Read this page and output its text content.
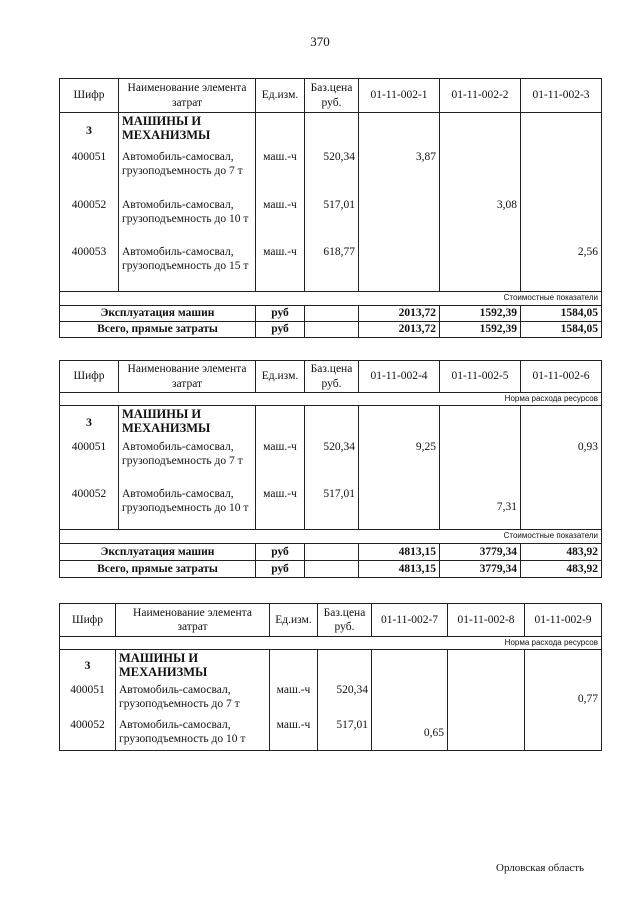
370
Шифр	Наименование элемента затрат	Ед.изм.	Баз.цена руб.	01-11-002-1	01-11-002-2	01-11-002-3
3	МАШИНЫ И МЕХАНИЗМЫ					
400051	Автомобиль-самосвал, грузоподъемность до 7 т	маш.-ч	520,34	3,87		
400052	Автомобиль-самосвал, грузоподъемность до 10 т	маш.-ч	517,01		3,08	
400053	Автомобиль-самосвал, грузоподъемность до 15 т	маш.-ч	618,77			2,56
Стоимостные показатели						
Эксплуатация машин		руб		2013,72	1592,39	1584,05
Всего, прямые затраты		руб		2013,72	1592,39	1584,05
Шифр	Наименование элемента затрат	Ед.изм.	Баз.цена руб.	01-11-002-4	01-11-002-5	01-11-002-6
Норма расхода ресурсов						
3	МАШИНЫ И МЕХАНИЗМЫ					
400051	Автомобиль-самосвал, грузоподъемность до 7 т	маш.-ч	520,34	9,25		0,93
400052	Автомобиль-самосвал, грузоподъемность до 10 т	маш.-ч	517,01		7,31	
Стоимостные показатели						
Эксплуатация машин		руб		4813,15	3779,34	483,92
Всего, прямые затраты		руб		4813,15	3779,34	483,92
Шифр	Наименование элемента затрат	Ед.изм.	Баз.цена руб.	01-11-002-7	01-11-002-8	01-11-002-9
Норма расхода ресурсов						
3	МАШИНЫ И МЕХАНИЗМЫ					
400051	Автомобиль-самосвал, грузоподъемность до 7 т	маш.-ч	520,34			0,77
400052	Автомобиль-самосвал, грузоподъемность до 10 т	маш.-ч	517,01	0,65		
Орловская область
